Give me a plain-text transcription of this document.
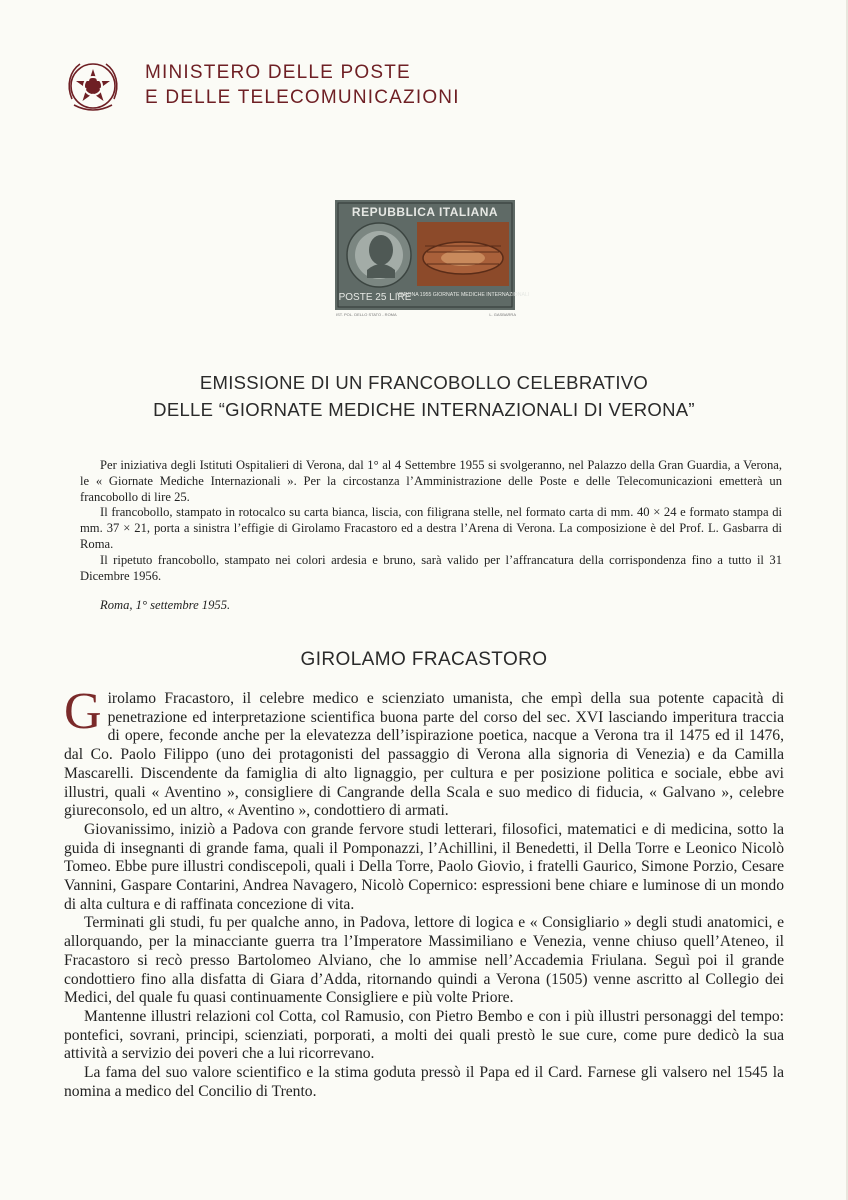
MINISTERO DELLE POSTE
E DELLE TELECOMUNICAZIONI
REPUBBLICA ITALIANA
POSTE 25 LIRE
VERONA 1955 GIORNATE MEDICHE INTERNAZIONALI
IST. POL. DELLO STATO - ROMA	L. GASBARRA
EMISSIONE DI UN FRANCOBOLLO CELEBRATIVO
DELLE “GIORNATE MEDICHE INTERNAZIONALI DI VERONA”

Per iniziativa degli Istituti Ospitalieri di Verona, dal 1° al 4 Settembre 1955 si svolgeranno, nel Palazzo della Gran Guardia, a Verona, le « Giornate Mediche Internazionali ». Per la circostanza l’Amministrazione delle Poste e delle Telecomunicazioni emetterà un francobollo di lire 25.

Il francobollo, stampato in rotocalco su carta bianca, liscia, con filigrana stelle, nel formato carta di mm. 40 × 24 e formato stampa di mm. 37 × 21, porta a sinistra l’effigie di Girolamo Fracastoro ed a destra l’Arena di Verona. La composizione è del Prof. L. Gasbarra di Roma.

Il ripetuto francobollo, stampato nei colori ardesia e bruno, sarà valido per l’affrancatura della corrispondenza fino a tutto il 31 Dicembre 1956.

Roma, 1° settembre 1955.

GIROLAMO FRACASTORO

Girolamo Fracastoro, il celebre medico e scienziato umanista, che empì della sua potente capacità di penetrazione ed interpretazione scientifica buona parte del corso del sec. XVI lasciando imperitura traccia di opere, feconde anche per la elevatezza dell’ispirazione poetica, nacque a Verona tra il 1475 ed il 1476, dal Co. Paolo Filippo (uno dei protagonisti del passaggio di Verona alla signoria di Venezia) e da Camilla Mascarelli. Discendente da famiglia di alto lignaggio, per cultura e per posizione politica e sociale, ebbe avi illustri, quali « Aventino », consigliere di Cangrande della Scala e suo medico di fiducia, « Galvano », celebre giureconsolo, ed un altro, « Aventino », condottiero di armati.

Giovanissimo, iniziò a Padova con grande fervore studi letterari, filosofici, matematici e di medicina, sotto la guida di insegnanti di grande fama, quali il Pomponazzi, l’Achillini, il Benedetti, il Della Torre e Leonico Nicolò Tomeo. Ebbe pure illustri condiscepoli, quali i Della Torre, Paolo Giovio, i fratelli Gaurico, Simone Porzio, Cesare Vannini, Gaspare Contarini, Andrea Navagero, Nicolò Copernico: espressioni bene chiare e luminose di un mondo di alta cultura e di raffinata concezione di vita.

Terminati gli studi, fu per qualche anno, in Padova, lettore di logica e « Consigliario » degli studi anatomici, e allorquando, per la minacciante guerra tra l’Imperatore Massimiliano e Venezia, venne chiuso quell’Ateneo, il Fracastoro si recò presso Bartolomeo Alviano, che lo ammise nell’Accademia Friulana. Seguì poi il grande condottiero fino alla disfatta di Giara d’Adda, ritornando quindi a Verona (1505) venne ascritto al Collegio dei Medici, del quale fu quasi continuamente Consigliere e più volte Priore.

Mantenne illustri relazioni col Cotta, col Ramusio, con Pietro Bembo e con i più illustri personaggi del tempo: pontefici, sovrani, principi, scienziati, porporati, a molti dei quali prestò le sue cure, come pure dedicò la sua attività a servizio dei poveri che a lui ricorrevano.

La fama del suo valore scientifico e la stima goduta pressò il Papa ed il Card. Farnese gli valsero nel 1545 la nomina a medico del Concilio di Trento.
